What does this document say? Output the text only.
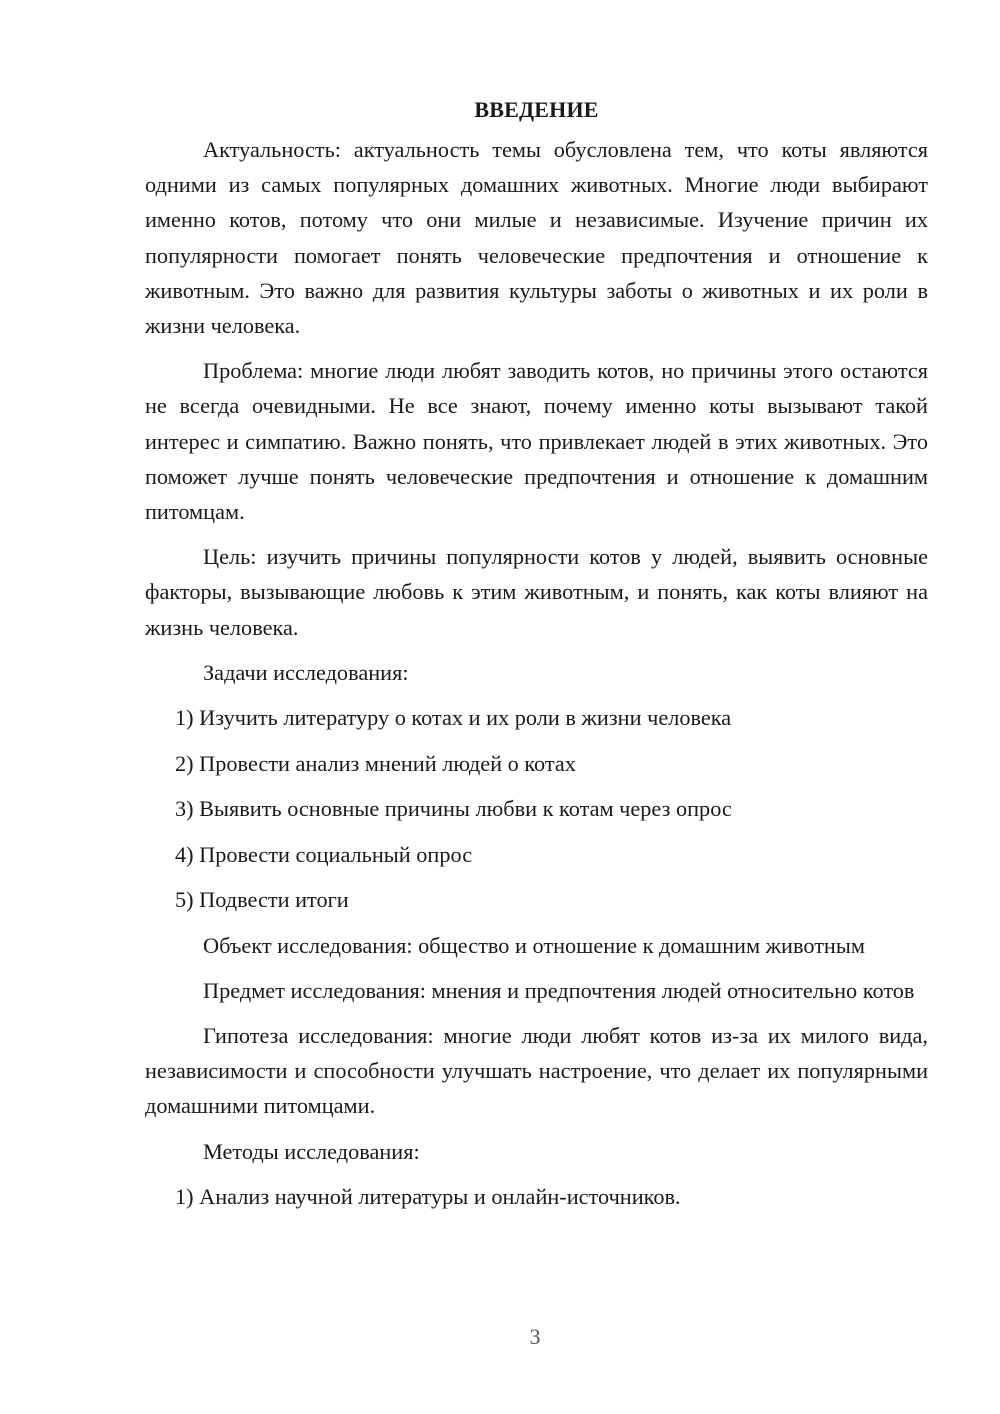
ВВЕДЕНИЕ

Актуальность: актуальность темы обусловлена тем, что коты являются одними из самых популярных домашних животных. Многие люди выбирают именно котов, потому что они милые и независимые. Изучение причин их популярности помогает понять человеческие предпочтения и отношение к животным. Это важно для развития культуры заботы о животных и их роли в жизни человека.

Проблема: многие люди любят заводить котов, но причины этого остаются не всегда очевидными. Не все знают, почему именно коты вызывают такой интерес и симпатию. Важно понять, что привлекает людей в этих животных. Это поможет лучше понять человеческие предпочтения и отношение к домашним питомцам.

Цель: изучить причины популярности котов у людей, выявить основные факторы, вызывающие любовь к этим животным, и понять, как коты влияют на жизнь человека.

Задачи исследования:

1) Изучить литературу о котах и их роли в жизни человека
2) Провести анализ мнений людей о котах
3) Выявить основные причины любви к котам через опрос
4) Провести социальный опрос
5) Подвести итоги

Объект исследования: общество и отношение к домашним животным

Предмет исследования: мнения и предпочтения людей относительно котов

Гипотеза исследования: многие люди любят котов из-за их милого вида, независимости и способности улучшать настроение, что делает их популярными домашними питомцами.

Методы исследования:

1) Анализ научной литературы и онлайн-источников.
3
